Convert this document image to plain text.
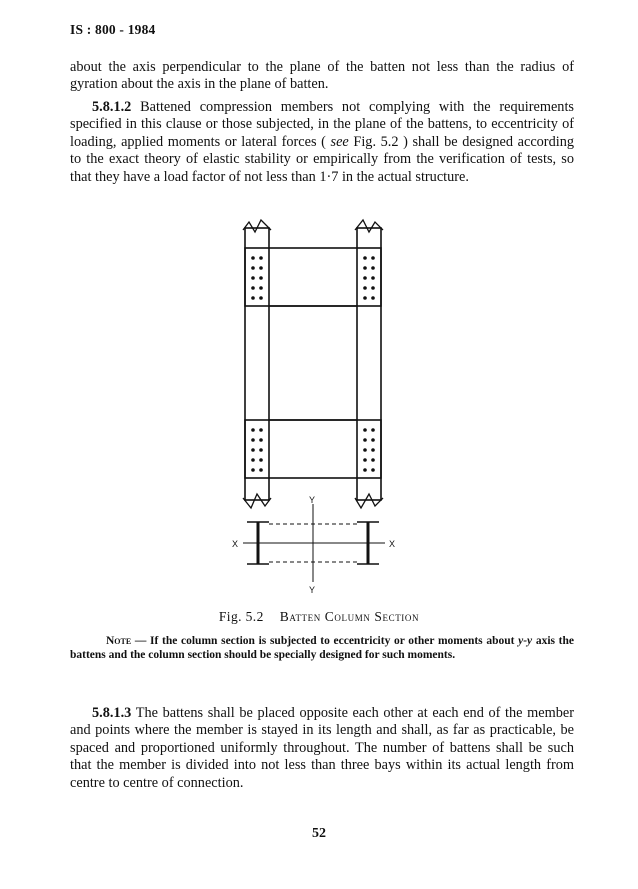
IS : 800 - 1984

about the axis perpendicular to the plane of the batten not less than the radius of gyration about the axis in the plane of batten.

5.8.1.2 Battened compression members not complying with the requirements specified in this clause or those subjected, in the plane of the battens, to eccentricity of loading, applied moments or lateral forces ( see Fig. 5.2 ) shall be designed according to the exact theory of elastic stability or empirically from the verification of tests, so that they have a load factor of not less than 1·7 in the actual structure.

Y
Y
X	X
Fig. 5.2 Batten Column Section

Note — If the column section is subjected to eccentricity or other moments about y-y axis the battens and the column section should be specially designed for such moments.

5.8.1.3 The battens shall be placed opposite each other at each end of the member and points where the member is stayed in its length and shall, as far as practicable, be spaced and proportioned uniformly throughout. The number of battens shall be such that the member is divided into not less than three bays within its actual length from centre to centre of connection.

52
